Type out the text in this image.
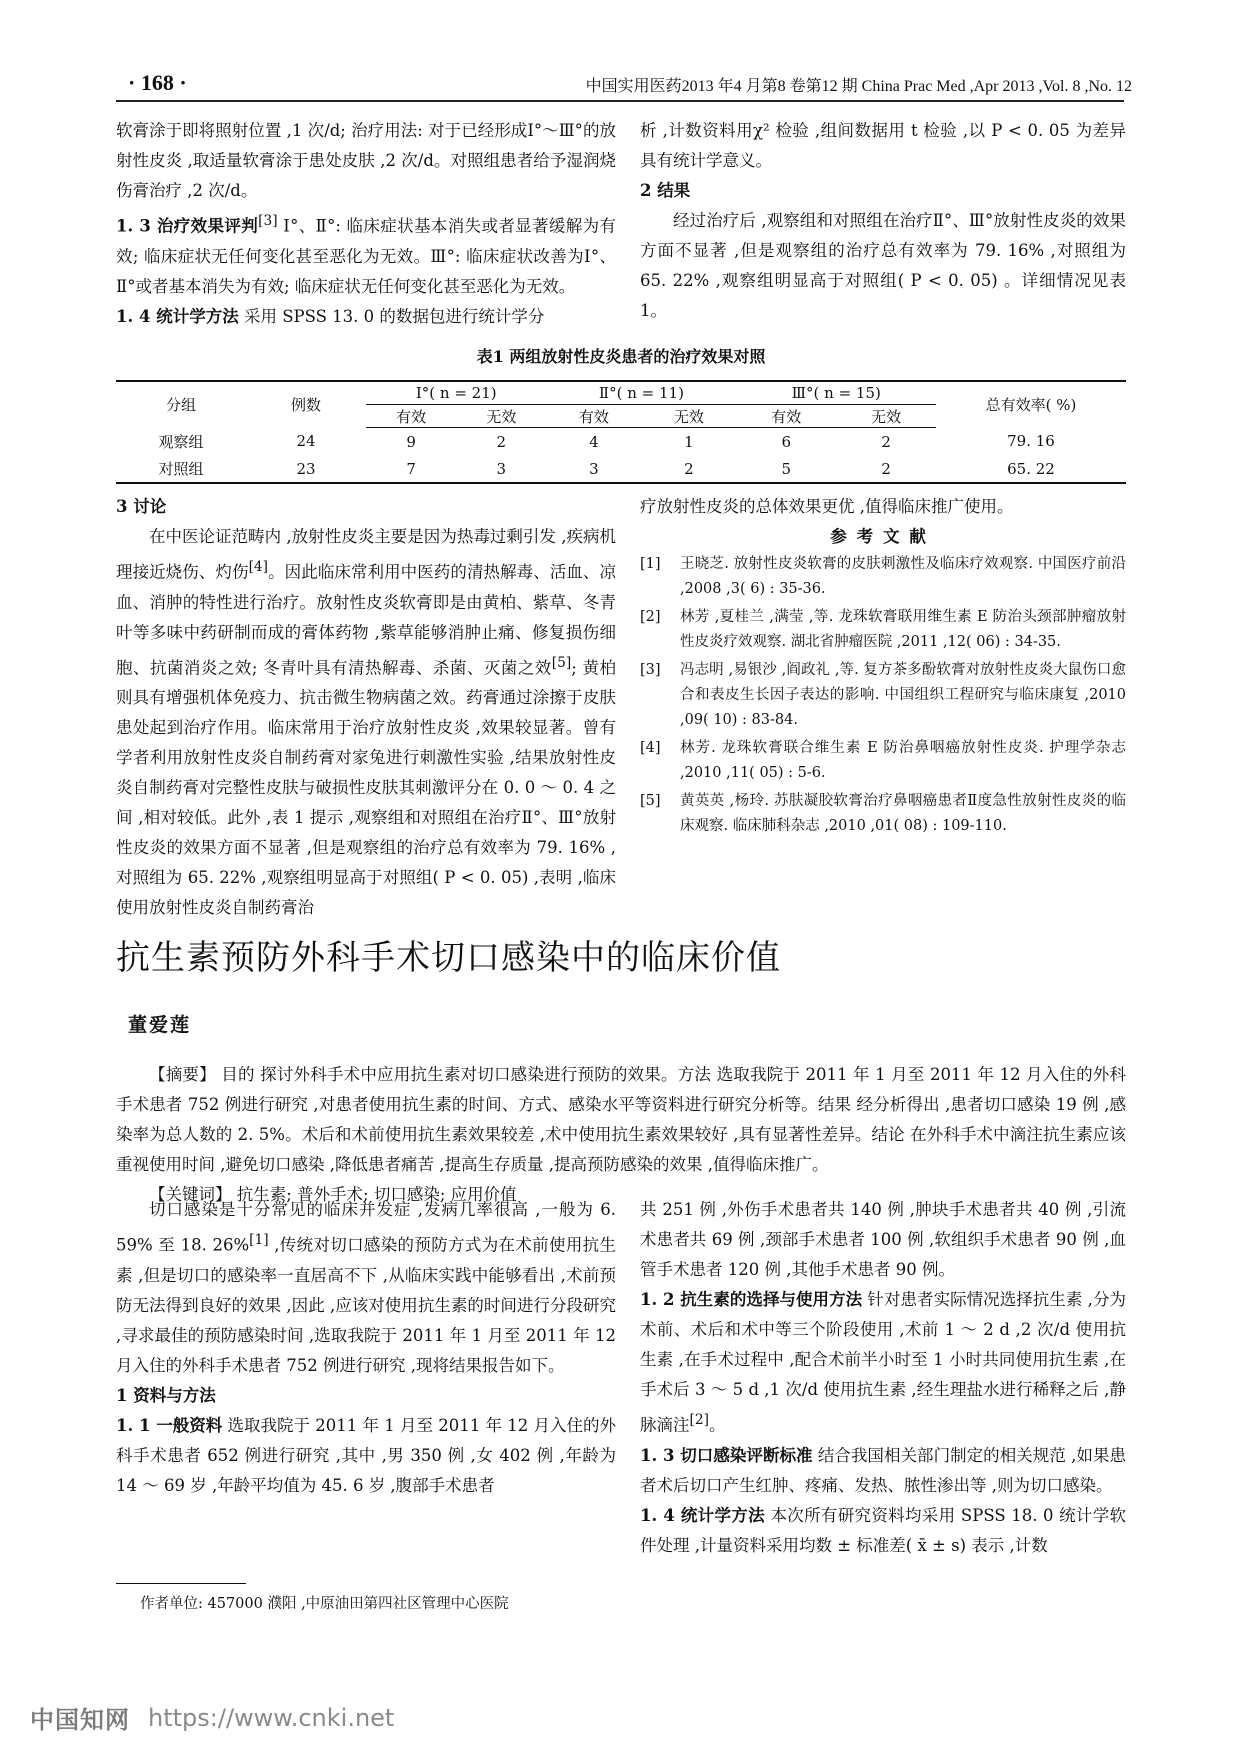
· 168 ·	中国实用医药2013 年4 月第8 卷第12 期 China Prac Med ,Apr 2013 ,Vol. 8 ,No. 12

软膏涂于即将照射位置 ,1 次/d; 治疗用法: 对于已经形成Ⅰ°～Ⅲ°的放射性皮炎 ,取适量软膏涂于患处皮肤 ,2 次/d。对照组患者给予湿润烧伤膏治疗 ,2 次/d。

1. 3 治疗效果评判[3] Ⅰ°、Ⅱ°: 临床症状基本消失或者显著缓解为有效; 临床症状无任何变化甚至恶化为无效。Ⅲ°: 临床症状改善为Ⅰ°、Ⅱ°或者基本消失为有效; 临床症状无任何变化甚至恶化为无效。

1. 4 统计学方法 采用 SPSS 13. 0 的数据包进行统计学分

析 ,计数资料用χ² 检验 ,组间数据用 t 检验 ,以 P < 0. 05 为差异具有统计学意义。

2 结果

经过治疗后 ,观察组和对照组在治疗Ⅱ°、Ⅲ°放射性皮炎的效果方面不显著 ,但是观察组的治疗总有效率为 79. 16% ,对照组为 65. 22% ,观察组明显高于对照组( P < 0. 05) 。详细情况见表 1。

表1 两组放射性皮炎患者的治疗效果对照
分组	例数	Ⅰ°( n = 21)		Ⅱ°( n = 11)		Ⅲ°( n = 15)		总有效率( %)
		有效	无效	有效	无效	有效	无效	
观察组	24	9	2	4	1	6	2	79. 16
对照组	23	7	3	3	2	5	2	65. 22

3 讨论

在中医论证范畴内 ,放射性皮炎主要是因为热毒过剩引发 ,疾病机理接近烧伤、灼伤[4]。因此临床常利用中医药的清热解毒、活血、凉血、消肿的特性进行治疗。放射性皮炎软膏即是由黄柏、紫草、冬青叶等多味中药研制而成的膏体药物 ,紫草能够消肿止痛、修复损伤细胞、抗菌消炎之效; 冬青叶具有清热解毒、杀菌、灭菌之效[5]; 黄柏则具有增强机体免疫力、抗击微生物病菌之效。药膏通过涂擦于皮肤患处起到治疗作用。临床常用于治疗放射性皮炎 ,效果较显著。曾有学者利用放射性皮炎自制药膏对家兔进行刺激性实验 ,结果放射性皮炎自制药膏对完整性皮肤与破损性皮肤其刺激评分在 0. 0 ～ 0. 4 之间 ,相对较低。此外 ,表 1 提示 ,观察组和对照组在治疗Ⅱ°、Ⅲ°放射性皮炎的效果方面不显著 ,但是观察组的治疗总有效率为 79. 16% ,对照组为 65. 22% ,观察组明显高于对照组( P < 0. 05) ,表明 ,临床使用放射性皮炎自制药膏治

疗放射性皮炎的总体效果更优 ,值得临床推广使用。

参考文献

[1]	王晓芝. 放射性皮炎软膏的皮肤刺激性及临床疗效观察. 中国医疗前沿 ,2008 ,3( 6) : 35-36.
[2]	林芳 ,夏桂兰 ,满莹 ,等. 龙珠软膏联用维生素 E 防治头颈部肿瘤放射性皮炎疗效观察. 湖北省肿瘤医院 ,2011 ,12( 06) : 34-35.
[3]	冯志明 ,易银沙 ,阎政礼 ,等. 复方茶多酚软膏对放射性皮炎大鼠伤口愈合和表皮生长因子表达的影响. 中国组织工程研究与临床康复 ,2010 ,09( 10) : 83-84.
[4]	林芳. 龙珠软膏联合维生素 E 防治鼻咽癌放射性皮炎. 护理学杂志 ,2010 ,11( 05) : 5-6.
[5]	黄英英 ,杨玲. 苏肤凝胶软膏治疗鼻咽癌患者Ⅱ度急性放射性皮炎的临床观察. 临床肺科杂志 ,2010 ,01( 08) : 109-110.
抗生素预防外科手术切口感染中的临床价值
董爱莲

【摘要】 目的 探讨外科手术中应用抗生素对切口感染进行预防的效果。方法 选取我院于 2011 年 1 月至 2011 年 12 月入住的外科手术患者 752 例进行研究 ,对患者使用抗生素的时间、方式、感染水平等资料进行研究分析等。结果 经分析得出 ,患者切口感染 19 例 ,感染率为总人数的 2. 5%。术后和术前使用抗生素效果较差 ,术中使用抗生素效果较好 ,具有显著性差异。结论 在外科手术中滴注抗生素应该重视使用时间 ,避免切口感染 ,降低患者痛苦 ,提高生存质量 ,提高预防感染的效果 ,值得临床推广。

【关键词】 抗生素; 普外手术; 切口感染; 应用价值

切口感染是十分常见的临床并发症 ,发病几率很高 ,一般为 6. 59% 至 18. 26%[1] ,传统对切口感染的预防方式为在术前使用抗生素 ,但是切口的感染率一直居高不下 ,从临床实践中能够看出 ,术前预防无法得到良好的效果 ,因此 ,应该对使用抗生素的时间进行分段研究 ,寻求最佳的预防感染时间 ,选取我院于 2011 年 1 月至 2011 年 12 月入住的外科手术患者 752 例进行研究 ,现将结果报告如下。

1 资料与方法

1. 1 一般资料 选取我院于 2011 年 1 月至 2011 年 12 月入住的外科手术患者 652 例进行研究 ,其中 ,男 350 例 ,女 402 例 ,年龄为 14 ～ 69 岁 ,年龄平均值为 45. 6 岁 ,腹部手术患者

共 251 例 ,外伤手术患者共 140 例 ,肿块手术患者共 40 例 ,引流术患者共 69 例 ,颈部手术患者 100 例 ,软组织手术患者 90 例 ,血管手术患者 120 例 ,其他手术患者 90 例。

1. 2 抗生素的选择与使用方法 针对患者实际情况选择抗生素 ,分为术前、术后和术中等三个阶段使用 ,术前 1 ～ 2 d ,2 次/d 使用抗生素 ,在手术过程中 ,配合术前半小时至 1 小时共同使用抗生素 ,在手术后 3 ～ 5 d ,1 次/d 使用抗生素 ,经生理盐水进行稀释之后 ,静脉滴注[2]。

1. 3 切口感染评断标准 结合我国相关部门制定的相关规范 ,如果患者术后切口产生红肿、疼痛、发热、脓性渗出等 ,则为切口感染。

1. 4 统计学方法 本次所有研究资料均采用 SPSS 18. 0 统计学软件处理 ,计量资料采用均数 ± 标准差( x̄ ± s) 表示 ,计数

作者单位: 457000 濮阳 ,中原油田第四社区管理中心医院
中国知网 https://www.cnki.net
